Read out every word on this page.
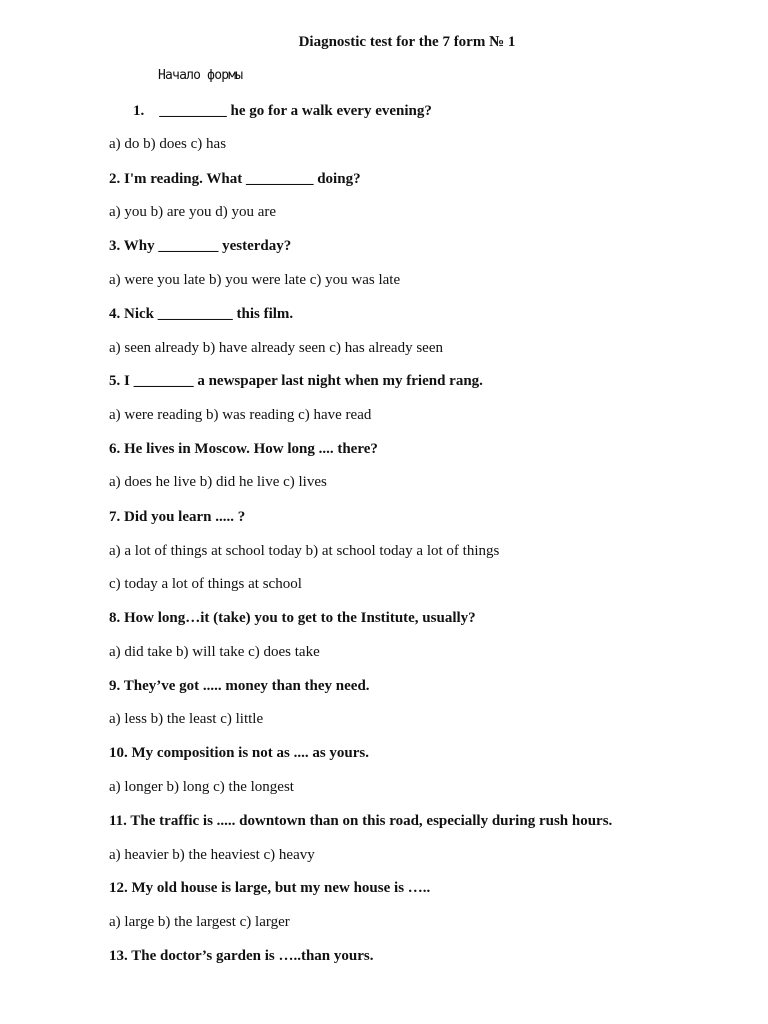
Diagnostic test for the 7 form № 1
Начало формы
1. _________ he go for a walk every evening?
a) do b) does c) has
2. I'm reading. What _________ doing?
a) you b) are you d) you are
3. Why ________ yesterday?
a) were you late b) you were late c) you was late
4. Nick __________ this film.
a) seen already b) have already seen c) has already seen
5. I ________ a newspaper last night when my friend rang.
a) were reading b) was reading c) have read
6. He lives in Moscow. How long .... there?
a) does he live b) did he live c) lives
7. Did you learn ..... ?
a) a lot of things at school today b) at school today a lot of things
c) today a lot of things at school
8. How long…it (take) you to get to the Institute, usually?
a) did take b) will take c) does take
9. They’ve got ..... money than they need.
a) less b) the least c) little
10. My composition is not as .... as yours.
a) longer b) long c) the longest
11. The traffic is ..... downtown than on this road, especially during rush hours.
a) heavier b) the heaviest c) heavy
12. My old house is large, but my new house is …..
a) large b) the largest c) larger
13. The doctor’s garden is …..than yours.
